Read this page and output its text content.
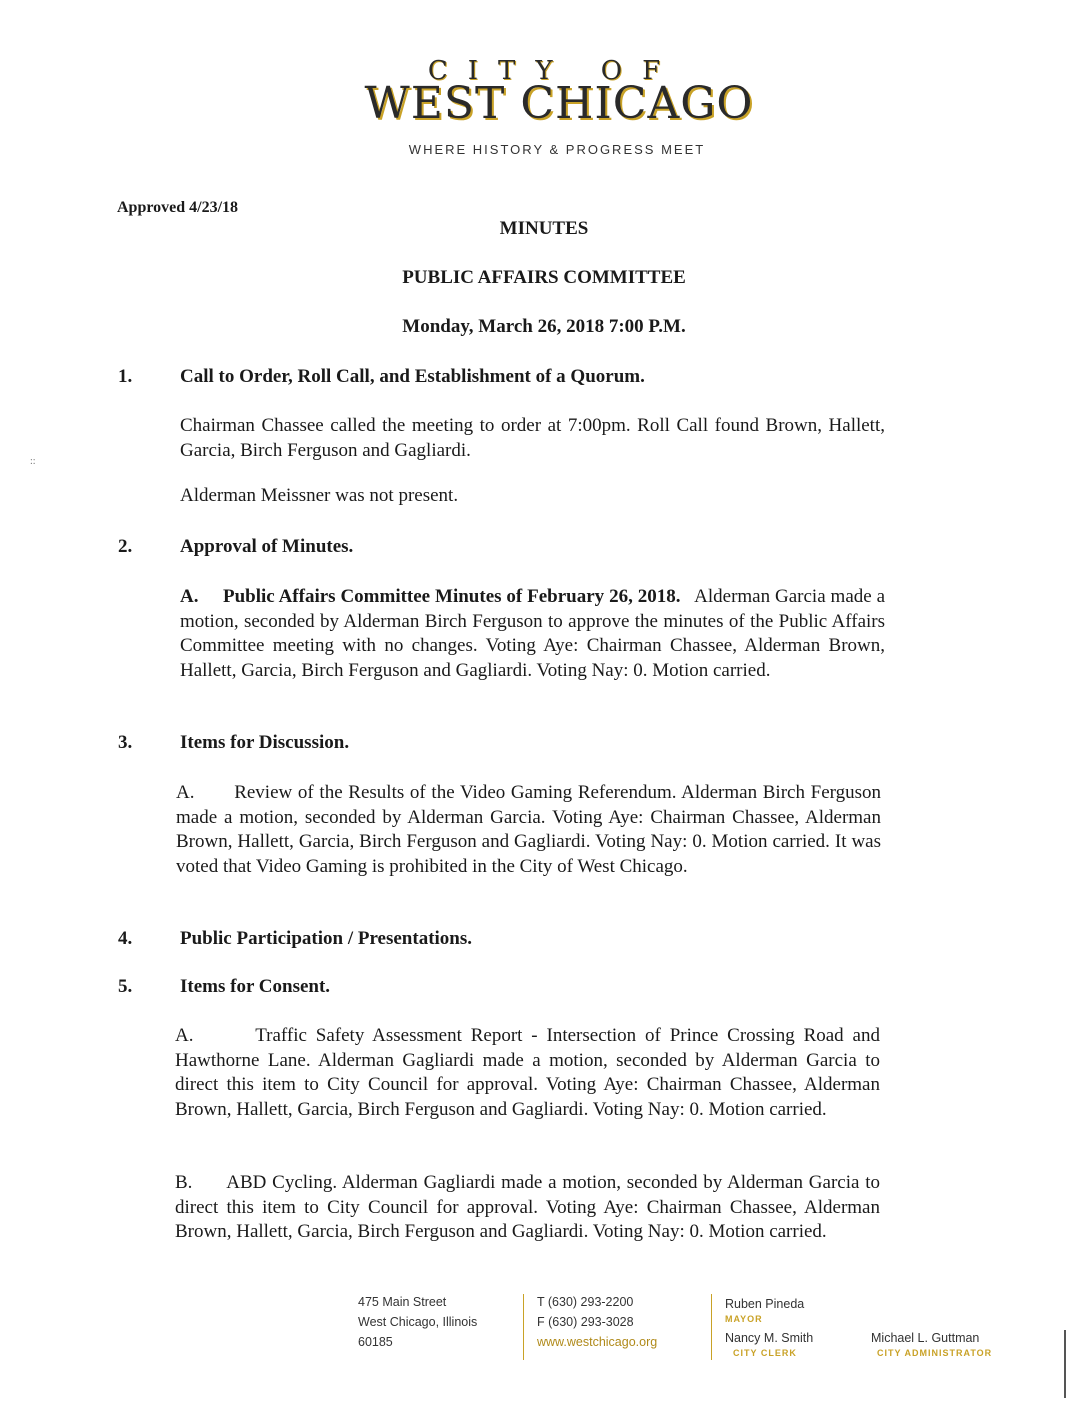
CITY OF
WEST CHICAGO
WHERE HISTORY & PROGRESS MEET
Approved 4/23/18
MINUTES
PUBLIC AFFAIRS COMMITTEE
Monday, March 26, 2018 7:00 P.M.
::
1.	Call to Order, Roll Call, and Establishment of a Quorum.
Chairman Chassee called the meeting to order at 7:00pm. Roll Call found Brown, Hallett, Garcia, Birch Ferguson and Gagliardi.
Alderman Meissner was not present.
2.	Approval of Minutes.
A. Public Affairs Committee Minutes of February 26, 2018. Alderman Garcia made a motion, seconded by Alderman Birch Ferguson to approve the minutes of the Public Affairs Committee meeting with no changes. Voting Aye: Chairman Chassee, Alderman Brown, Hallett, Garcia, Birch Ferguson and Gagliardi. Voting Nay: 0. Motion carried.
3.	Items for Discussion.
A. Review of the Results of the Video Gaming Referendum. Alderman Birch Ferguson made a motion, seconded by Alderman Garcia. Voting Aye: Chairman Chassee, Alderman Brown, Hallett, Garcia, Birch Ferguson and Gagliardi. Voting Nay: 0. Motion carried. It was voted that Video Gaming is prohibited in the City of West Chicago.
4.	Public Participation / Presentations.
5.	Items for Consent.
A.	Traffic Safety Assessment Report - Intersection of Prince Crossing Road and Hawthorne Lane. Alderman Gagliardi made a motion, seconded by Alderman Garcia to direct this item to City Council for approval. Voting Aye: Chairman Chassee, Alderman Brown, Hallett, Garcia, Birch Ferguson and Gagliardi. Voting Nay: 0. Motion carried.
B. ABD Cycling. Alderman Gagliardi made a motion, seconded by Alderman Garcia to direct this item to City Council for approval. Voting Aye: Chairman Chassee, Alderman Brown, Hallett, Garcia, Birch Ferguson and Gagliardi. Voting Nay: 0. Motion carried.
475 Main Street
West Chicago, Illinois
60185
T (630) 293-2200
F (630) 293-3028
www.westchicago.org
Ruben Pineda
MAYOR
Nancy M. Smith
CITY CLERK
Michael L. Guttman
CITY ADMINISTRATOR
